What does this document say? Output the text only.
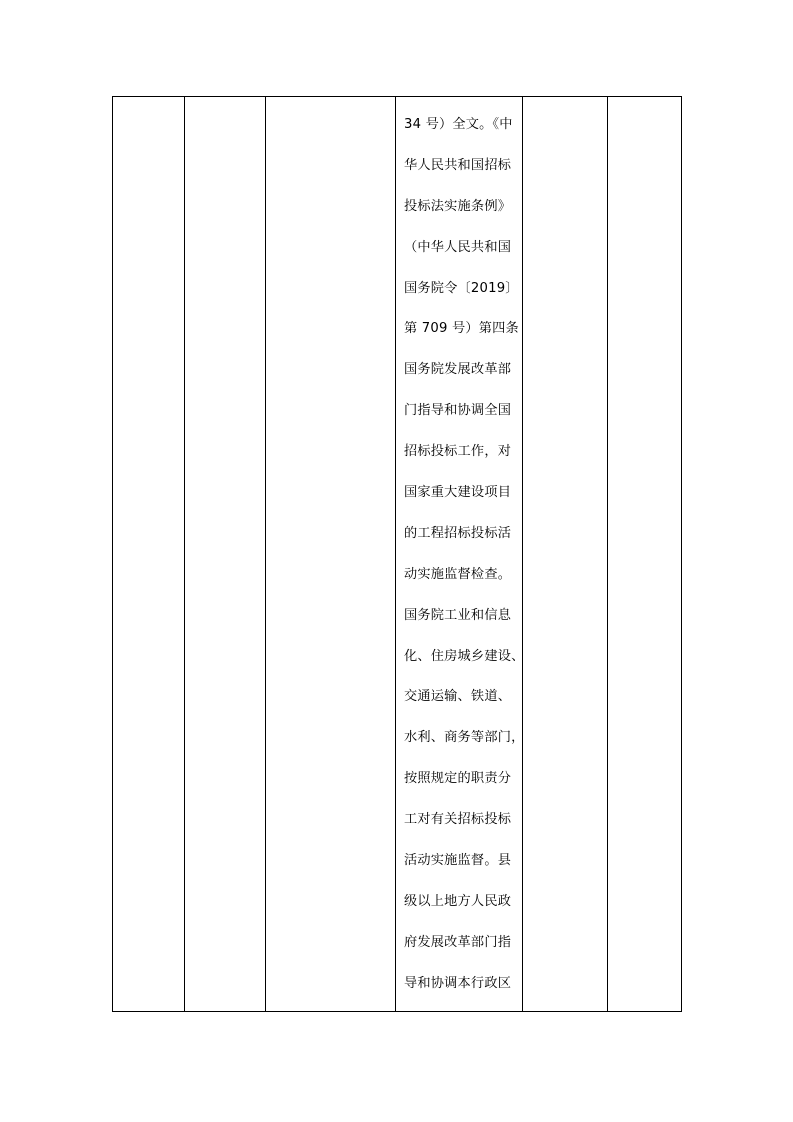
34 号）全文。《中
华人民共和国招标
投标法实施条例》
（中华人民共和国
国务院令〔2019〕
第 709 号）第四条
国务院发展改革部
门指导和协调全国
招标投标工作，对
国家重大建设项目
的工程招标投标活
动实施监督检查。
国务院工业和信息
化、住房城乡建设、
交通运输、铁道、
水利、商务等部门，
按照规定的职责分
工对有关招标投标
活动实施监督。县
级以上地方人民政
府发展改革部门指
导和协调本行政区
